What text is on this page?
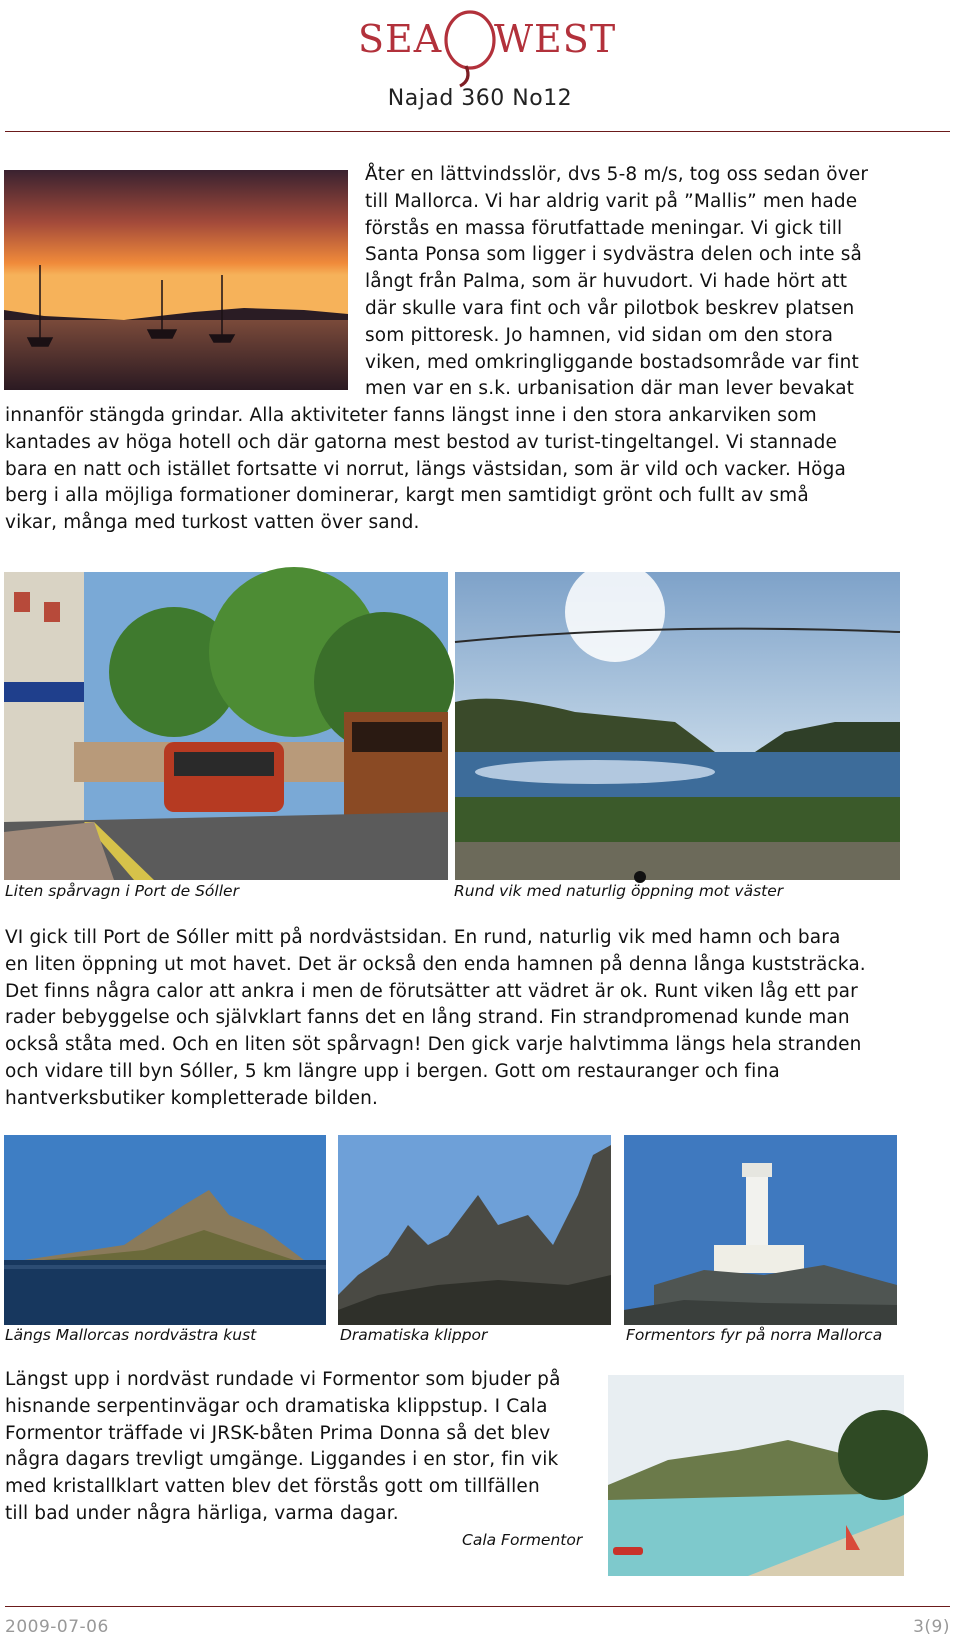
SEA WEST
Najad 360 No12

Åter en lättvindsslör, dvs 5-8 m/s, tog oss sedan över

till Mallorca. Vi har aldrig varit på ”Mallis” men hade

förstås en massa förutfattade meningar. Vi gick till

Santa Ponsa som ligger i sydvästra delen och inte så

långt från Palma, som är huvudort. Vi hade hört att

där skulle vara fint och vår pilotbok beskrev platsen

som pittoresk. Jo hamnen, vid sidan om den stora

viken, med omkringliggande bostadsområde var fint

men var en s.k. urbanisation där man lever bevakat

innanför stängda grindar. Alla aktiviteter fanns längst inne i den stora ankarviken som

kantades av höga hotell och där gatorna mest bestod av turist-tingeltangel. Vi stannade

bara en natt och istället fortsatte vi norrut, längs västsidan, som är vild och vacker. Höga

berg i alla möjliga formationer dominerar, kargt men samtidigt grönt och fullt av små

vikar, många med turkost vatten över sand.

Liten spårvagn i Port de Sóller	Rund vik med naturlig öppning mot väster

VI gick till Port de Sóller mitt på nordvästsidan. En rund, naturlig vik med hamn och bara

en liten öppning ut mot havet. Det är också den enda hamnen på denna långa kuststräcka.

Det finns några calor att ankra i men de förutsätter att vädret är ok. Runt viken låg ett par

rader bebyggelse och självklart fanns det en lång strand. Fin strandpromenad kunde man

också ståta med. Och en liten söt spårvagn! Den gick varje halvtimma längs hela stranden

och vidare till byn Sóller, 5 km längre upp i bergen. Gott om restauranger och fina

hantverksbutiker kompletterade bilden.

Längs Mallorcas nordvästra kust	Dramatiska klippor	Formentors fyr på norra Mallorca

Längst upp i nordväst rundade vi Formentor som bjuder på

hisnande serpentinvägar och dramatiska klippstup. I Cala

Formentor träffade vi JRSK-båten Prima Donna så det blev

några dagars trevligt umgänge. Liggandes i en stor, fin vik

med kristallklart vatten blev det förstås gott om tillfällen

till bad under några härliga, varma dagar.

Cala Formentor
2009-07-06	3(9)
